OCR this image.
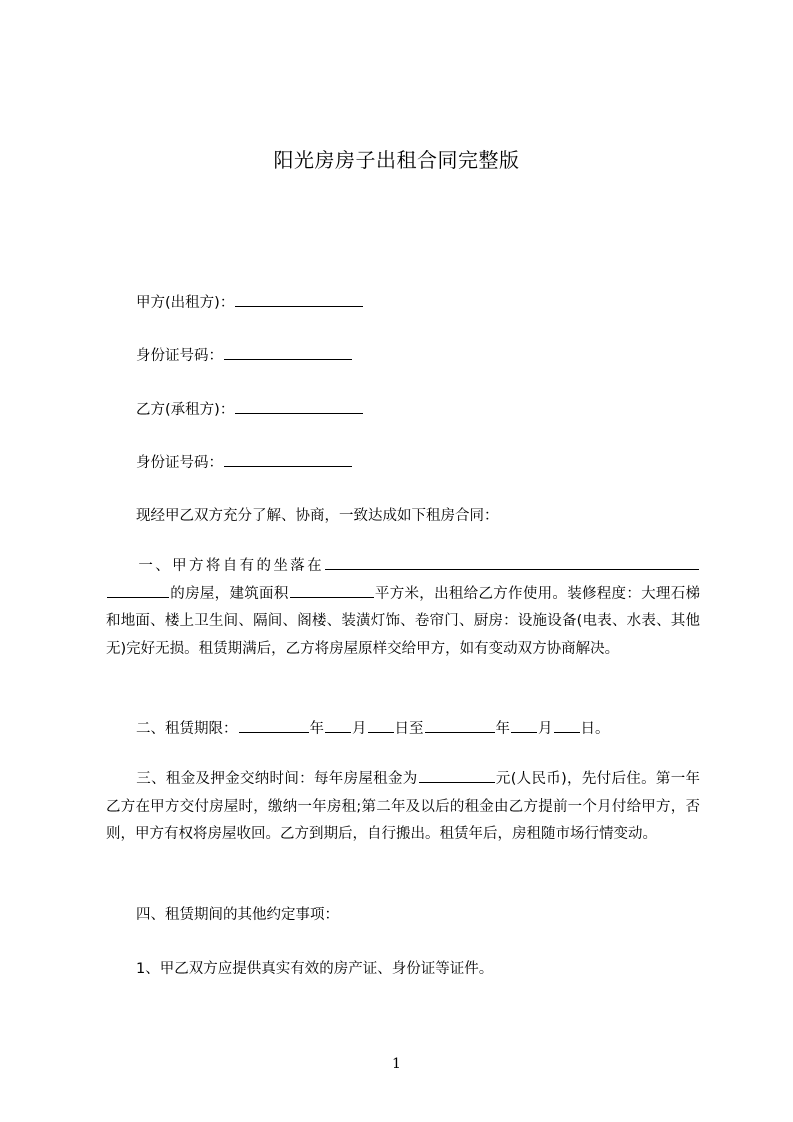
阳光房房子出租合同完整版
甲方(出租方)：
身份证号码：
乙方(承租方)：
身份证号码：
现经甲乙双方充分了解、协商，一致达成如下租房合同：
一、甲方将自有的坐落在的房屋，建筑面积	平方米，出租给乙方作使用。装修程度：大理石梯和地面、楼上卫生间、隔间、阁楼、装潢灯饰、卷帘门、厨房：设施设备(电表、水表、其他无)完好无损。租赁期满后，乙方将房屋原样交给甲方，如有变动双方协商解决。
二、租赁期限：	年 月 日至	年 月 日。
三、租金及押金交纳时间：每年房屋租金为	元(人民币)，先付后住。第一年乙方在甲方交付房屋时，缴纳一年房租;第二年及以后的租金由乙方提前一个月付给甲方，否则，甲方有权将房屋收回。乙方到期后，自行搬出。租赁年后，房租随市场行情变动。
四、租赁期间的其他约定事项：
1、甲乙双方应提供真实有效的房产证、身份证等证件。
1
